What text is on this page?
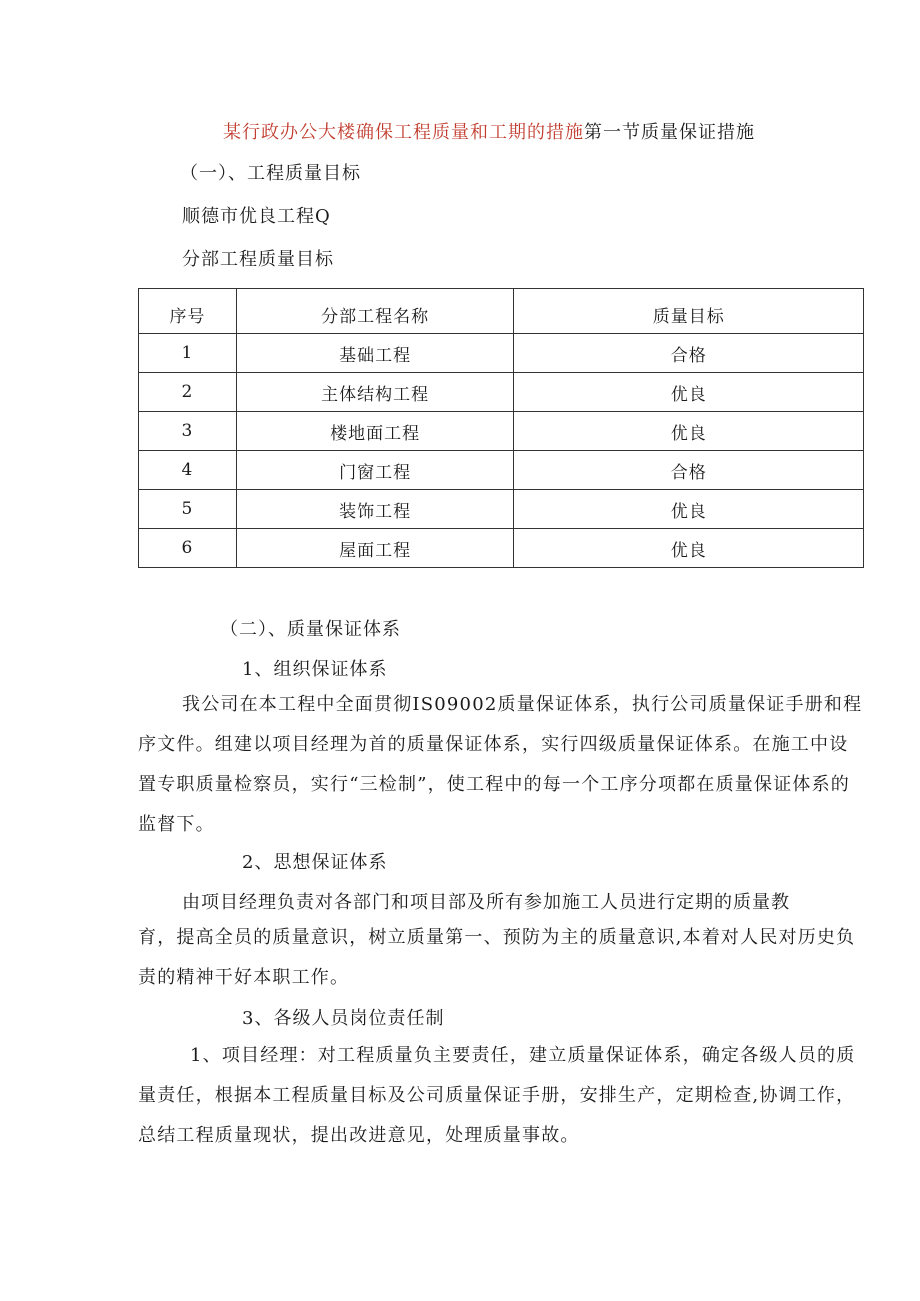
某行政办公大楼确保工程质量和工期的措施第一节质量保证措施
（一）、工程质量目标
顺德市优良工程Q
分部工程质量目标
序号	分部工程名称	质量目标
1	基础工程	合格
2	主体结构工程	优良
3	楼地面工程	优良
4	门窗工程	合格
5	装饰工程	优良
6	屋面工程	优良
（二）、质量保证体系
1、组织保证体系
我公司在本工程中全面贯彻IS09002质量保证体系，执行公司质量保证手册和程序文件。组建以项目经理为首的质量保证体系，实行四级质量保证体系。在施工中设置专职质量检察员，实行“三检制”，使工程中的每一个工序分项都在质量保证体系的监督下。
2、思想保证体系
由项目经理负责对各部门和项目部及所有参加施工人员进行定期的质量教
育，提高全员的质量意识，树立质量第一、预防为主的质量意识,本着对人民对历史负责的精神干好本职工作。
3、各级人员岗位责任制
1、项目经理：对工程质量负主要责任，建立质量保证体系，确定各级人员的质量责任，根据本工程质量目标及公司质量保证手册，安排生产，定期检查,协调工作，总结工程质量现状，提出改进意见，处理质量事故。
